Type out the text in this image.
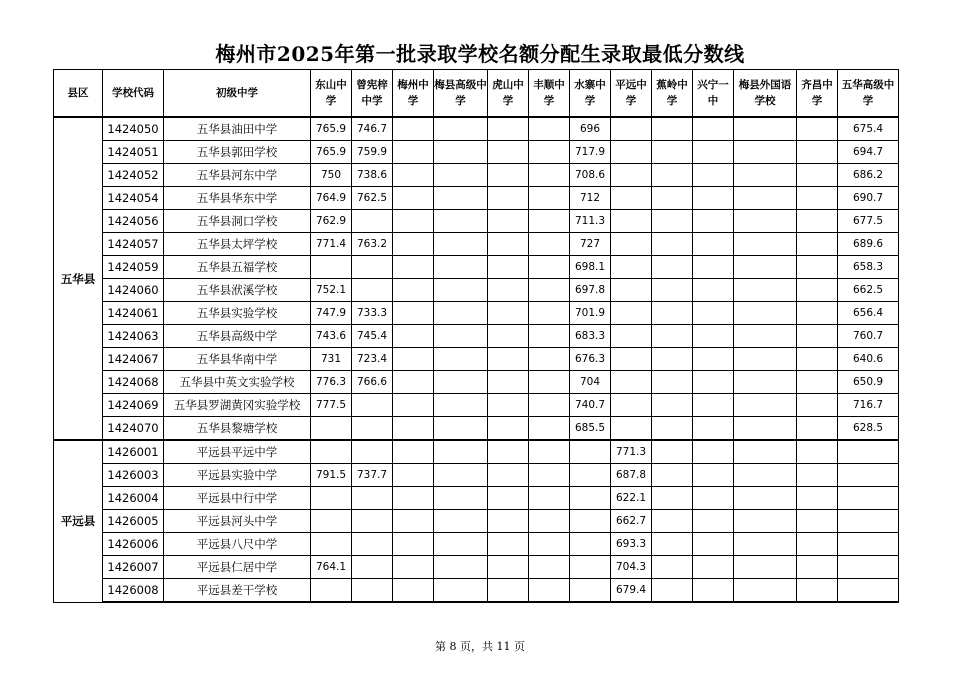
梅州市2025年第一批录取学校名额分配生录取最低分数线
县区	学校代码	初级中学	东山中学	曾宪梓中学	梅州中学	梅县高级中学	虎山中学	丰顺中学	水寨中学	平远中学	蕉岭中学	兴宁一中	梅县外国语学校	齐昌中学	五华高级中学
五华县	1424050	五华县油田中学	765.9	746.7					696						675.4
	1424051	五华县郭田学校	765.9	759.9					717.9						694.7
	1424052	五华县河东中学	750	738.6					708.6						686.2
	1424054	五华县华东中学	764.9	762.5					712						690.7
	1424056	五华县洞口学校	762.9						711.3						677.5
	1424057	五华县太坪学校	771.4	763.2					727						689.6
	1424059	五华县五福学校							698.1						658.3
	1424060	五华县洑溪学校	752.1						697.8						662.5
	1424061	五华县实验学校	747.9	733.3					701.9						656.4
	1424063	五华县高级中学	743.6	745.4					683.3						760.7
	1424067	五华县华南中学	731	723.4					676.3						640.6
	1424068	五华县中英文实验学校	776.3	766.6					704						650.9
	1424069	五华县罗湖黄冈实验学校	777.5						740.7						716.7
	1424070	五华县黎塘学校							685.5						628.5
平远县	1426001	平远县平远中学								771.3					
	1426003	平远县实验中学	791.5	737.7						687.8					
	1426004	平远县中行中学								622.1					
	1426005	平远县河头中学								662.7					
	1426006	平远县八尺中学								693.3					
	1426007	平远县仁居中学	764.1							704.3					
	1426008	平远县差干学校								679.4					
第 8 页，共 11 页
